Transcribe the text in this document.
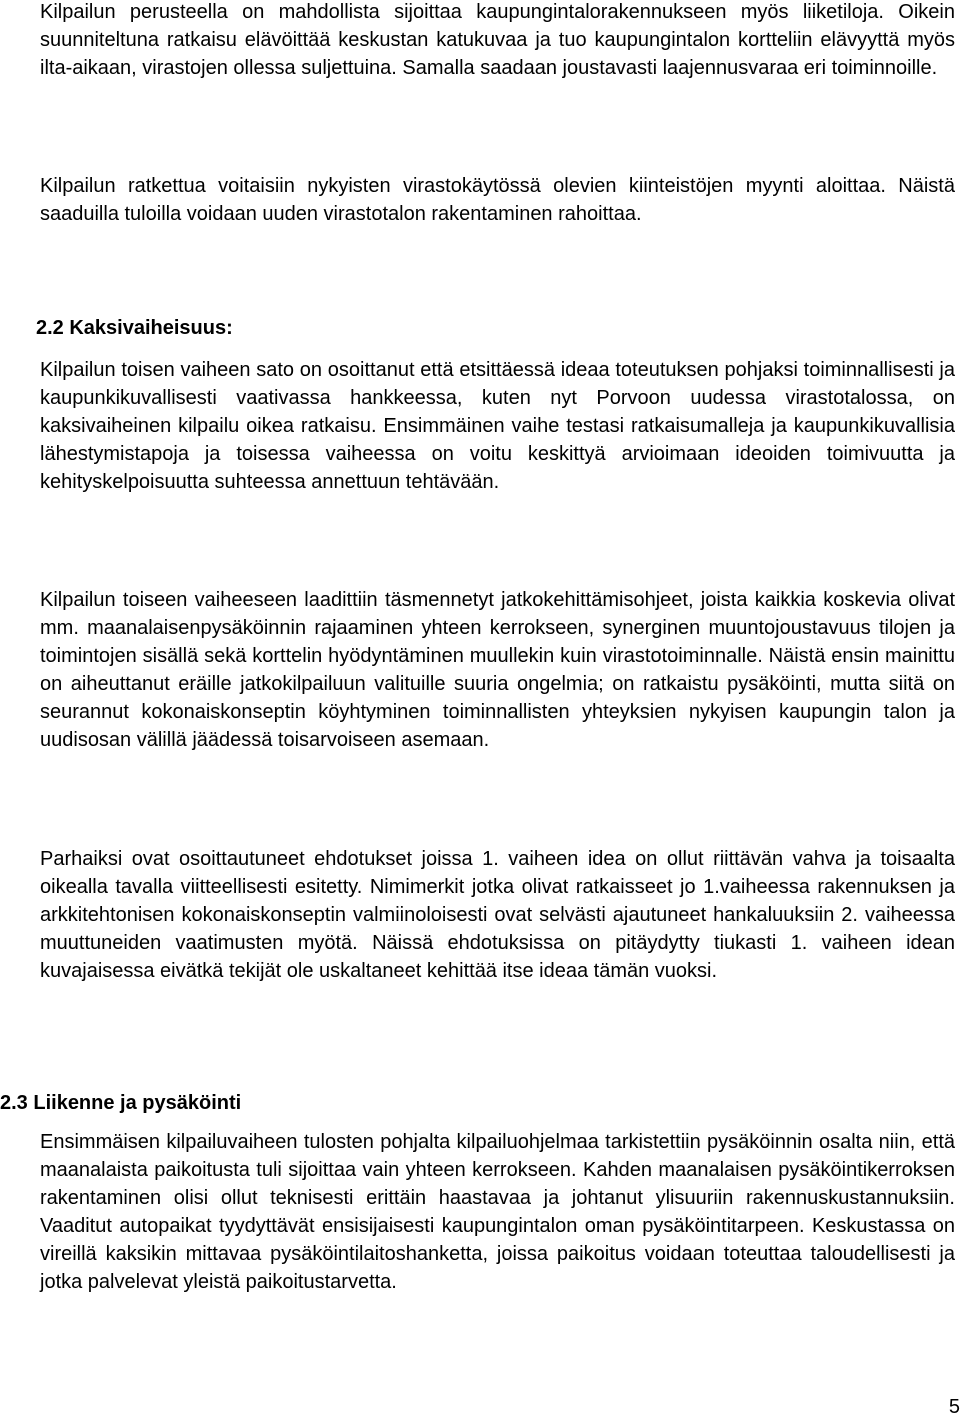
Kilpailun perusteella on mahdollista sijoittaa kaupungintalorakennukseen myös liiketiloja. Oikein suunniteltuna ratkaisu elävöittää keskustan katukuvaa ja tuo kaupungintalon kortteliin elävyyttä myös ilta-aikaan, virastojen ollessa suljettuina. Samalla saadaan joustavasti laajennusvaraa eri toiminnoille.

Kilpailun ratkettua voitaisiin nykyisten virastokäytössä olevien kiinteistöjen myynti aloittaa. Näistä saaduilla tuloilla voidaan uuden virastotalon rakentaminen rahoittaa.

2.2 Kaksivaiheisuus:

Kilpailun toisen vaiheen sato on osoittanut että etsittäessä ideaa toteutuksen pohjaksi toiminnallisesti ja kaupunkikuvallisesti vaativassa hankkeessa, kuten nyt Porvoon uudessa virastotalossa, on kaksivaiheinen kilpailu oikea ratkaisu. Ensimmäinen vaihe testasi ratkaisumalleja ja kaupunkikuvallisia lähestymistapoja ja toisessa vaiheessa on voitu keskittyä arvioimaan ideoiden toimivuutta ja kehityskelpoisuutta suhteessa annettuun tehtävään.

Kilpailun toiseen vaiheeseen laadittiin täsmennetyt jatkokehittämisohjeet, joista kaikkia koskevia olivat mm. maanalaisenpysäköinnin rajaaminen yhteen kerrokseen, synerginen muuntojoustavuus tilojen ja toimintojen sisällä sekä korttelin hyödyntäminen muullekin kuin virastotoiminnalle. Näistä ensin mainittu on aiheuttanut eräille jatkokilpailuun valituille suuria ongelmia; on ratkaistu pysäköinti, mutta siitä on seurannut kokonaiskonseptin köyhtyminen toiminnallisten yhteyksien nykyisen kaupungin talon ja uudisosan välillä jäädessä toisarvoiseen asemaan.

Parhaiksi ovat osoittautuneet ehdotukset joissa 1. vaiheen idea on ollut riittävän vahva ja toisaalta oikealla tavalla viitteellisesti esitetty. Nimimerkit jotka olivat ratkaisseet jo 1.vaiheessa rakennuksen ja arkkitehtonisen kokonaiskonseptin valmiinoloisesti ovat selvästi ajautuneet hankaluuksiin 2. vaiheessa muuttuneiden vaatimusten myötä. Näissä ehdotuksissa on pitäydytty tiukasti 1. vaiheen idean kuvajaisessa eivätkä tekijät ole uskaltaneet kehittää itse ideaa tämän vuoksi.

2.3 Liikenne ja pysäköinti

Ensimmäisen kilpailuvaiheen tulosten pohjalta kilpailuohjelmaa tarkistettiin pysäköinnin osalta niin, että maanalaista paikoitusta tuli sijoittaa vain yhteen kerrokseen. Kahden maanalaisen pysäköintikerroksen rakentaminen olisi ollut teknisesti erittäin haastavaa ja johtanut ylisuuriin rakennuskustannuksiin. Vaaditut autopaikat tyydyttävät ensisijaisesti kaupungintalon oman pysäköintitarpeen. Keskustassa on vireillä kaksikin mittavaa pysäköintilaitoshanketta, joissa paikoitus voidaan toteuttaa taloudellisesti ja jotka palvelevat yleistä paikoitustarvetta.

5
